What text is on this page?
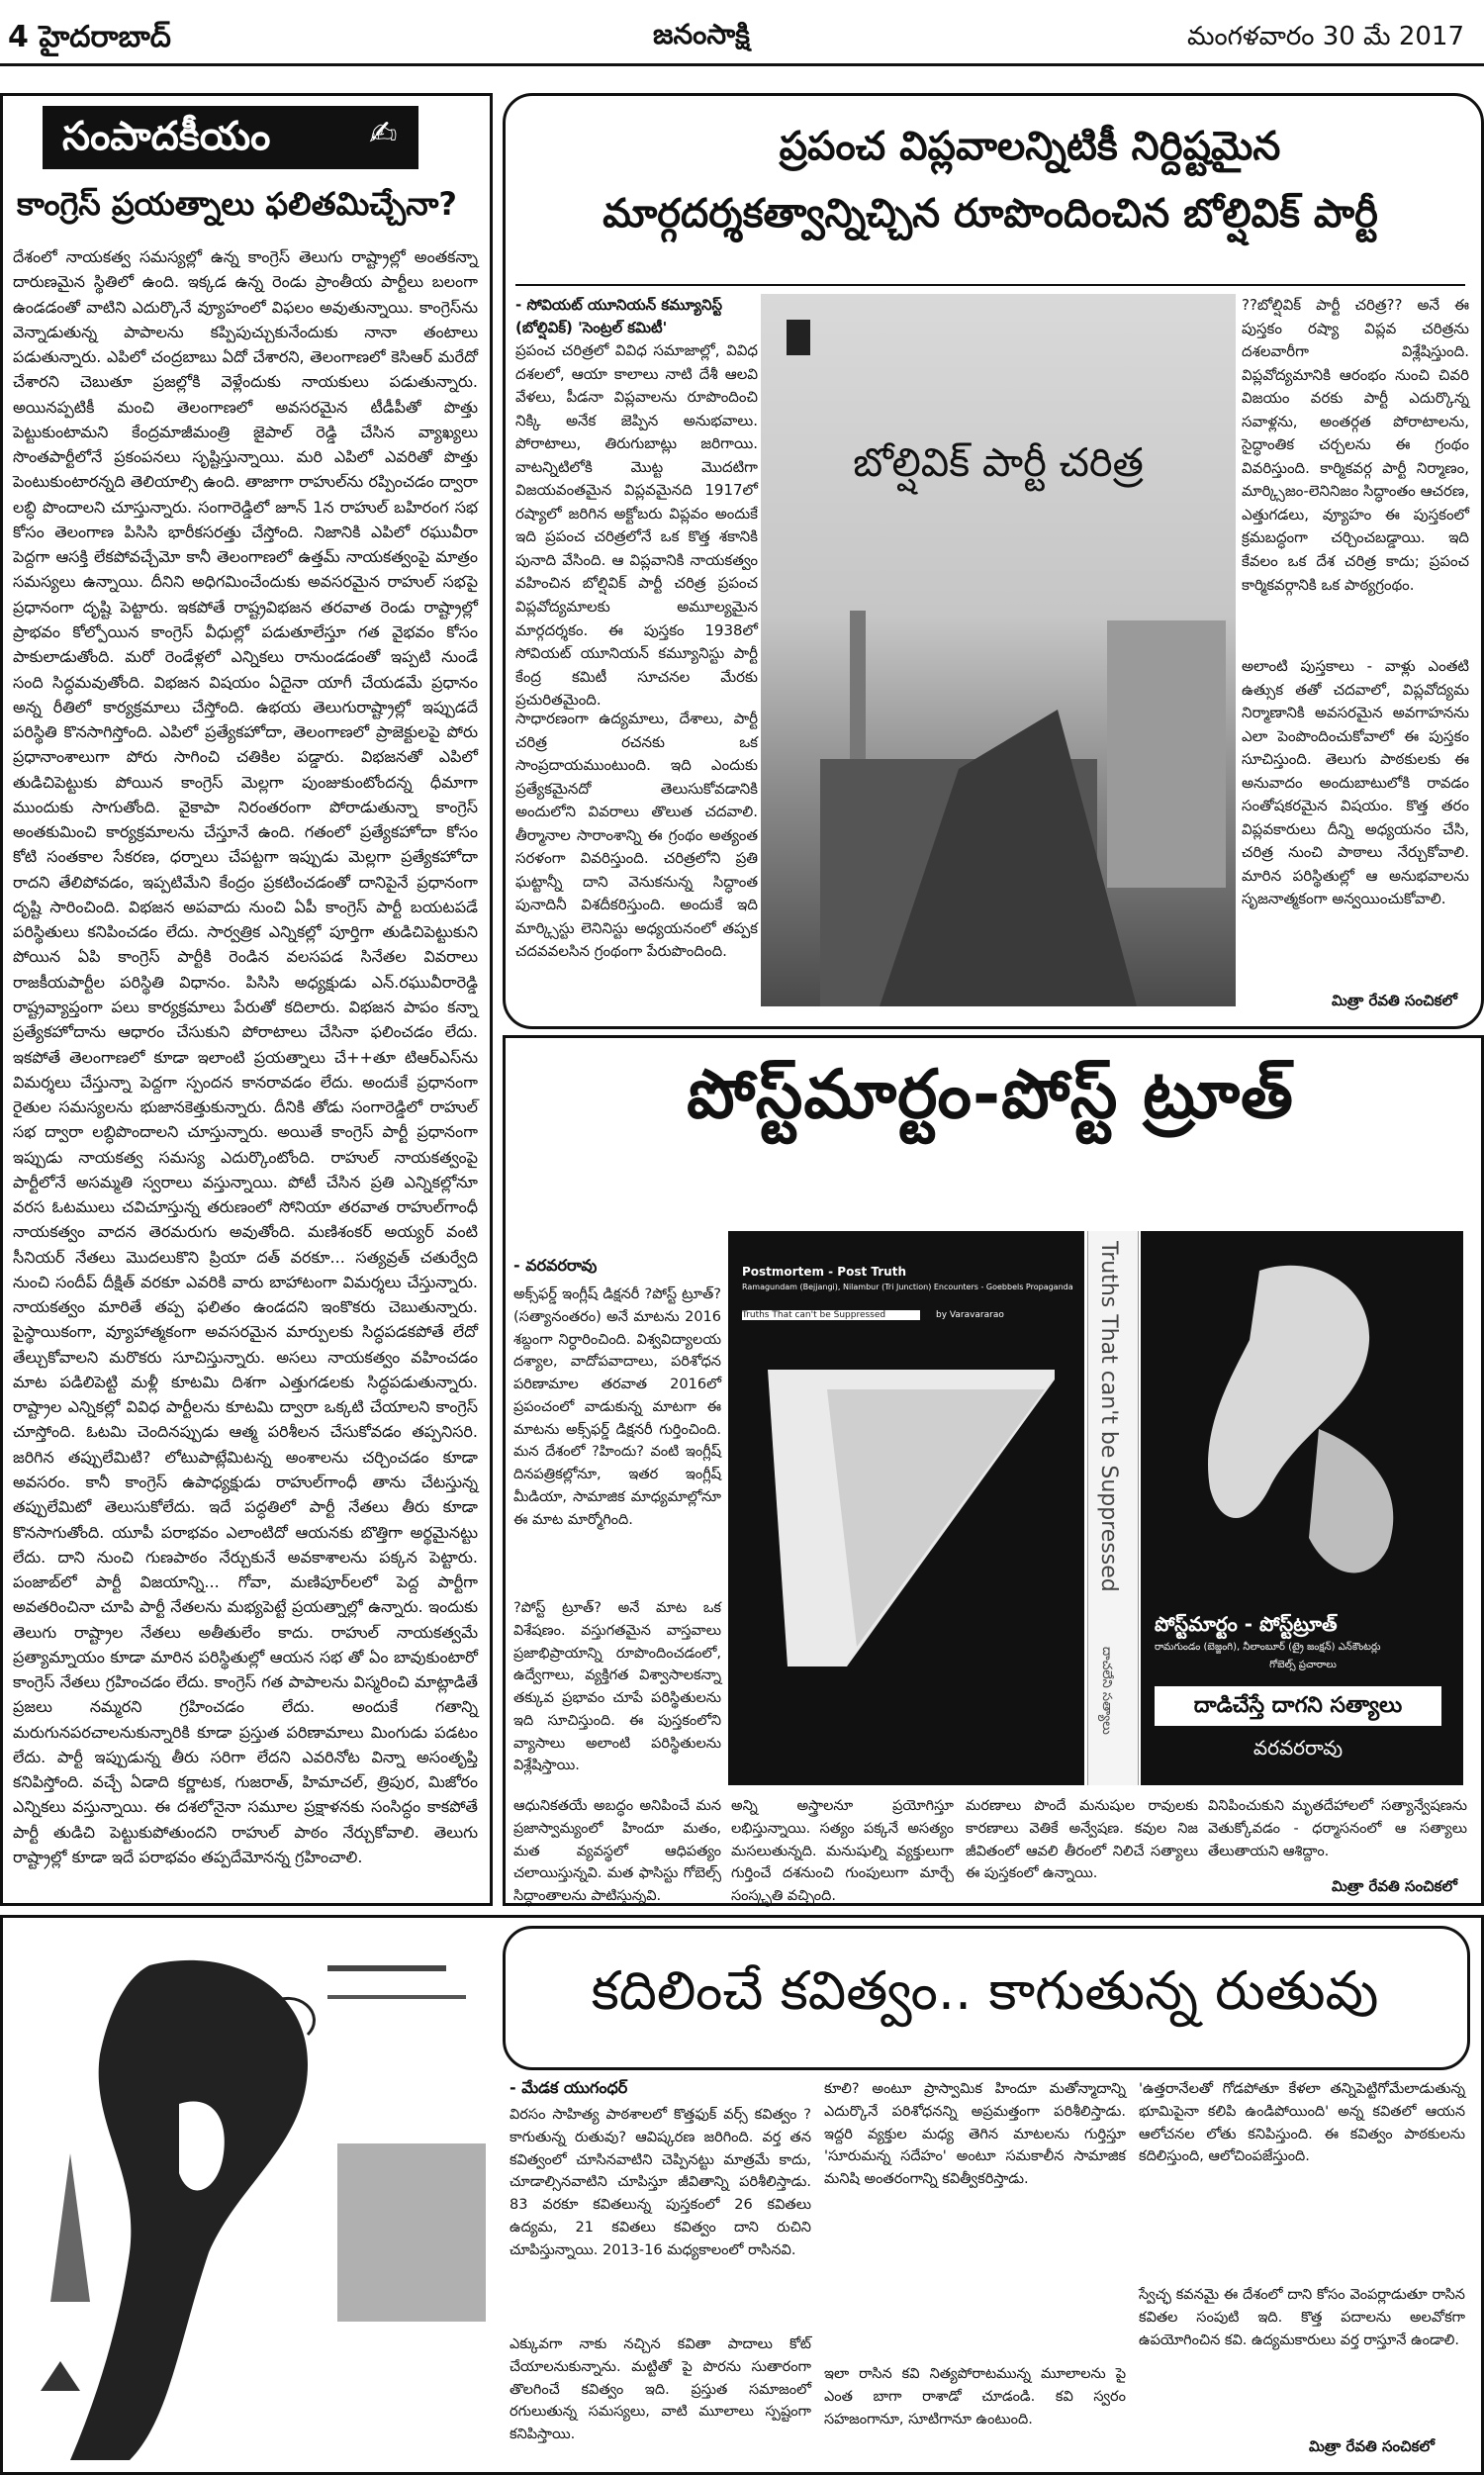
4 హైదరాబాద్	జనంసాక్షి	మంగళవారం 30 మే 2017
సంపాదకీయం	✍
కాంగ్రెస్ ప్రయత్నాలు ఫలితమిచ్చేనా?
దేశంలో నాయకత్వ సమస్యల్లో ఉన్న కాంగ్రెస్ తెలుగు రాష్ట్రాల్లో అంతకన్నా దారుణమైన స్థితిలో ఉంది. ఇక్కడ ఉన్న రెండు ప్రాంతీయ పార్టీలు బలంగా ఉండడంతో వాటిని ఎదుర్కొనే వ్యూహంలో విఫలం అవుతున్నాయి. కాంగ్రెస్‌ను వెన్నాడుతున్న పాపాలను కప్పిపుచ్చుకునేందుకు నానా తంటాలు పడుతున్నారు. ఎపిలో చంద్రబాబు ఏదో చేశారని, తెలంగాణలో కెసిఆర్ మరేదో చేశారని చెబుతూ ప్రజల్లోకి వెళ్లేందుకు నాయకులు పడుతున్నారు. అయినప్పటికీ మంచి తెలంగాణలో అవసరమైన టీడీపీతో పొత్తు పెట్టుకుంటామని కేంద్రమాజీమంత్రి జైపాల్ రెడ్డి చేసిన వ్యాఖ్యలు సొంతపార్టీలోనే ప్రకంపనలు సృష్టిస్తున్నాయి. మరి ఎపిలో ఎవరితో పొత్తు పెంటుకుంటారన్నది తెలియాల్సి ఉంది. తాజాగా రాహుల్‌ను రప్పించడం ద్వారా లబ్ధి పొందాలని చూస్తున్నారు. సంగారెడ్డిలో జూన్ 1న రాహుల్ బహిరంగ సభ కోసం తెలంగాణ పిసిసి భారీకసరత్తు చేస్తోంది. నిజానికి ఎపిలో రఘువీరా పెద్దగా ఆసక్తి లేకపోవచ్చేమో కానీ తెలంగాణలో ఉత్తమ్ నాయకత్వంపై మాత్రం సమస్యలు ఉన్నాయి. దీనిని అధిగమించేందుకు అవసరమైన రాహుల్ సభపై ప్రధానంగా దృష్టి పెట్టారు. ఇకపోతే రాష్ట్రవిభజన తరవాత రెండు రాష్ట్రాల్లో ప్రాభవం కోల్పోయిన కాంగ్రెస్ వీధుల్లో పడుతూలేస్తూ గత వైభవం కోసం పాకులాడుతోంది. మరో రెండేళ్లలో ఎన్నికలు రానుండడంతో ఇప్పటి నుండే సంది సిద్ధమవుతోంది. విభజన విషయం ఏదైనా యాగీ చేయడమే ప్రధానం అన్న రీతిలో కార్యక్రమాలు చేస్తోంది. ఉభయ తెలుగురాష్ట్రాల్లో ఇప్పుడదే పరిస్థితి కొనసాగిస్తోంది. ఎపిలో ప్రత్యేకహోదా, తెలంగాణలో ప్రాజెక్టులపై పోరు ప్రధానాంశాలుగా పోరు సాగించి చతికిల పడ్డారు. విభజనతో ఎపిలో తుడిచిపెట్టుకు పోయిన కాంగ్రెస్ మెల్లగా పుంజుకుంటోందన్న ధీమాగా ముందుకు సాగుతోంది. వైకాపా నిరంతరంగా పోరాడుతున్నా కాంగ్రెస్ అంతకుమించి కార్యక్రమాలను చేస్తూనే ఉంది. గతంలో ప్రత్యేకహోదా కోసం కోటి సంతకాల సేకరణ, ధర్నాలు చేపట్టగా ఇప్పుడు మెల్లగా ప్రత్యేకహోదా రాదని తేలిపోవడం, ఇప్పటిమేని కేంద్రం ప్రకటించడంతో దానిపైనే ప్రధానంగా దృష్టి సారించింది. విభజన అపవాదు నుంచి ఏపీ కాంగ్రెస్ పార్టీ బయటపడే పరిస్థితులు కనిపించడం లేదు. సార్వత్రిక ఎన్నికల్లో పూర్తిగా తుడిచిపెట్టుకుని పోయిన ఏపి కాంగ్రెస్ పార్టీకి రెండిన వలసపడ సినేతల వివరాలు రాజకీయపార్టీల పరిస్థితి విధానం. పిసిసి అధ్యక్షుడు ఎన్.రఘువీరారెడ్డి రాష్ట్రవ్యాప్తంగా పలు కార్యక్రమాలు పేరుతో కదిలారు. విభజన పాపం కన్నా ప్రత్యేకహోదాను ఆధారం చేసుకుని పోరాటాలు చేసినా ఫలించడం లేదు. ఇకపోతే తెలంగాణలో కూడా ఇలాంటి ప్రయత్నాలు చే++తూ టిఆర్‌ఎస్‌ను విమర్శలు చేస్తున్నా పెద్దగా స్పందన కానరావడం లేదు. అందుకే ప్రధానంగా రైతుల సమస్యలను భుజానకెత్తుకున్నారు. దీనికి తోడు సంగారెడ్డిలో రాహుల్ సభ ద్వారా లబ్ధిపొందాలని చూస్తున్నారు. అయితే కాంగ్రెస్ పార్టీ ప్రధానంగా ఇప్పుడు నాయకత్వ సమస్య ఎదుర్కొంటోంది. రాహుల్ నాయకత్వంపై పార్టీలోనే అసమ్మతి స్వరాలు వస్తున్నాయి. పోటీ చేసిన ప్రతి ఎన్నికల్లోనూ వరస ఓటములు చవిచూస్తున్న తరుణంలో సోనియా తరవాత రాహుల్‌గాంధీ నాయకత్వం వాదన తెరమరుగు అవుతోంది. మణిశంకర్ అయ్యర్ వంటి సీనియర్ నేతలు మొదలుకొని ప్రియా దత్ వరకూ... సత్యవ్రత్ చతుర్వేది నుంచి సందీప్ దీక్షిత్ వరకూ ఎవరికి వారు బాహాటంగా విమర్శలు చేస్తున్నారు. నాయకత్వం మారితే తప్ప ఫలితం ఉండదని ఇంకొకరు చెబుతున్నారు. పైస్థాయికంగా, వ్యూహాత్మకంగా అవసరమైన మార్పులకు సిద్ధపడకపోతే లేదో తేల్చుకోవాలని మరొకరు సూచిస్తున్నారు. అసలు నాయకత్వం వహించడం మాట పడిలిపెట్టి మళ్లీ కూటమి దిశగా ఎత్తుగడలకు సిద్ధపడుతున్నారు. రాష్ట్రాల ఎన్నికల్లో వివిధ పార్టీలను కూటమి ద్వారా ఒక్కటి చేయాలని కాంగ్రెస్ చూస్తోంది. ఓటమి చెందినప్పుడు ఆత్మ పరిశీలన చేసుకోవడం తప్పనిసరి. జరిగిన తప్పులేమిటి? లోటుపాట్లేమిటన్న అంశాలను చర్చించడం కూడా అవసరం. కానీ కాంగ్రెస్ ఉపాధ్యక్షుడు రాహుల్‌గాంధీ తాను చేటస్తున్న తప్పులేమిటో తెలుసుకోలేదు. ఇదే పద్ధతిలో పార్టీ నేతలు తీరు కూడా కొనసాగుతోంది. యూపీ పరాభవం ఎలాంటిదో ఆయనకు బొత్తిగా అర్థమైనట్టు లేదు. దాని నుంచి గుణపాఠం నేర్చుకునే అవకాశాలను పక్కన పెట్టారు. పంజాబ్‌లో పార్టీ విజయాన్ని... గోవా, మణిపూర్‌లలో పెద్ద పార్టీగా అవతరించినా చూపి పార్టీ నేతలను మభ్యపెట్టే ప్రయత్నాల్లో ఉన్నారు. ఇందుకు తెలుగు రాష్ట్రాల నేతలు అతీతులేం కాదు. రాహుల్ నాయకత్వమే ప్రత్యామ్నాయం కూడా మారిన పరిస్థితుల్లో ఆయన సభ తో ఏం బావుకుంటారో కాంగ్రెస్ నేతలు గ్రహించడం లేదు. కాంగ్రెస్ గత పాపాలను విస్మరించి మాట్లాడితే ప్రజలు నమ్మరని గ్రహించడం లేదు. అందుకే గతాన్ని మరుగునపరచాలనుకున్నారికి కూడా ప్రస్తుత పరిణామాలు మింగుడు పడటం లేదు. పార్టీ ఇప్పుడున్న తీరు సరిగా లేదని ఎవరినోట విన్నా అసంతృప్తి కనిపిస్తోంది. వచ్చే ఏడాది కర్ణాటక, గుజరాత్, హిమాచల్, త్రిపుర, మిజోరం ఎన్నికలు వస్తున్నాయి. ఈ దశలోనైనా సమూల ప్రక్షాళనకు సంసిద్ధం కాకపోతే పార్టీ తుడిచి పెట్టుకుపోతుందని రాహుల్ పాఠం నేర్చుకోవాలి. తెలుగు రాష్ట్రాల్లో కూడా ఇదే పరాభవం తప్పదేమోనన్న గ్రహించాలి.
ప్రపంచ విప్లవాలన్నిటికీ నిర్దిష్టమైన
మార్గదర్శకత్వాన్నిచ్చిన రూపొందించిన బోల్షివిక్ పార్టీ
- సోవియట్ యూనియన్ కమ్యూనిస్ట్ (బోల్షివిక్) 'సెంట్రల్ కమిటీ'
ప్రపంచ చరిత్రలో వివిధ సమాజాల్లో, వివిధ దశలలో, ఆయా కాలాలు నాటి దేశీ ఆలవి వేళలు, పీడనా విప్లవాలను రూపొందించి నిక్కి అనేక జెప్పిన అనుభవాలు. పోరాటాలు, తిరుగుబాట్లు జరిగాయి. వాటన్నిటిలోకి మొట్ట మొదటిగా విజయవంతమైన విప్లవమైనది 1917లో రష్యాలో జరిగిన అక్టోబరు విప్లవం అందుకే ఇది ప్రపంచ చరిత్రలోనే ఒక కొత్త శకానికి పునాది వేసింది. ఆ విప్లవానికి నాయకత్వం వహించిన బోల్షివిక్ పార్టీ చరిత్ర ప్రపంచ విప్లవోద్యమాలకు అమూల్యమైన మార్గదర్శకం. ఈ పుస్తకం 1938లో సోవియట్ యూనియన్ కమ్యూనిస్టు పార్టీ కేంద్ర కమిటీ సూచనల మేరకు ప్రచురితమైంది.
సాధారణంగా ఉద్యమాలు, దేశాలు, పార్టీ చరిత్ర రచనకు ఒక సాంప్రదాయముంటుంది. ఇది ఎందుకు ప్రత్యేకమైనదో తెలుసుకోవడానికి అందులోని వివరాలు తొలుత చదవాలి. తీర్మానాల సారాంశాన్ని ఈ గ్రంథం అత్యంత సరళంగా వివరిస్తుంది. చరిత్రలోని ప్రతి ఘట్టాన్నీ దాని వెనుకనున్న సిద్ధాంత పునాదినీ విశదీకరిస్తుంది. అందుకే ఇది మార్క్సిస్టు లెనినిస్టు అధ్యయనంలో తప్పక చదవవలసిన గ్రంథంగా పేరుపొందింది.
బోల్షివిక్ పార్టీ చరిత్ర
??బోల్షివిక్ పార్టీ చరిత్ర?? అనే ఈ పుస్తకం రష్యా విప్లవ చరిత్రను దశలవారీగా విశ్లేషిస్తుంది. విప్లవోద్యమానికి ఆరంభం నుంచి చివరి విజయం వరకు పార్టీ ఎదుర్కొన్న సవాళ్లను, అంతర్గత పోరాటాలను, సైద్ధాంతిక చర్చలను ఈ గ్రంథం వివరిస్తుంది. కార్మికవర్గ పార్టీ నిర్మాణం, మార్క్సిజం-లెనినిజం సిద్ధాంతం ఆచరణ, ఎత్తుగడలు, వ్యూహం ఈ పుస్తకంలో క్రమబద్ధంగా చర్చించబడ్డాయి. ఇది కేవలం ఒక దేశ చరిత్ర కాదు; ప్రపంచ కార్మికవర్గానికి ఒక పాఠ్యగ్రంథం.
అలాంటి పుస్తకాలు - వాళ్లు ఎంతటి ఉత్సుక తతో చదవాలో, విప్లవోద్యమ నిర్మాణానికి అవసరమైన అవగాహనను ఎలా పెంపొందించుకోవాలో ఈ పుస్తకం సూచిస్తుంది. తెలుగు పాఠకులకు ఈ అనువాదం అందుబాటులోకి రావడం సంతోషకరమైన విషయం. కొత్త తరం విప్లవకారులు దీన్ని అధ్యయనం చేసి, చరిత్ర నుంచి పాఠాలు నేర్చుకోవాలి. మారిన పరిస్థితుల్లో ఆ అనుభవాలను సృజనాత్మకంగా అన్వయించుకోవాలి.
మిత్రా రేవతి సంచికలో
పోస్ట్‌మార్టం-పోస్ట్ ట్రూత్
- వరవరరావు
అక్స్‌ఫర్డ్ ఇంగ్లీష్ డిక్షనరీ ?పోస్ట్ ట్రూత్? (సత్యానంతరం) అనే మాటను 2016 శబ్దంగా నిర్ధారించింది. విశ్వవిద్యాలయ దశ్యాల, వాదోపవాదాలు, పరిశోధన పరిణామాల తరవాత 2016లో ప్రపంచంలో వాడుకున్న మాటగా ఈ మాటను అక్స్‌ఫర్డ్ డిక్షనరీ గుర్తించింది. మన దేశంలో ?హిందు? వంటి ఇంగ్లీష్ దినపత్రికల్లోనూ, ఇతర ఇంగ్లీష్ మీడియా, సామాజిక మాధ్యమాల్లోనూ ఈ మాట మార్మోగింది.
?పోస్ట్ ట్రూత్? అనే మాట ఒక విశేషణం. వస్తుగతమైన వాస్తవాలు ప్రజాభిప్రాయాన్ని రూపొందించడంలో, ఉద్వేగాలు, వ్యక్తిగత విశ్వాసాలకన్నా తక్కువ ప్రభావం చూపే పరిస్థితులను ఇది సూచిస్తుంది. ఈ పుస్తకంలోని వ్యాసాలు అలాంటి పరిస్థితులను విశ్లేషిస్తాయి.
Postmortem - Post Truth
Ramagundam (Bejjangi), Nilambur (Tri Junction) Encounters - Goebbels Propaganda
Truths That can't be Suppressed	by Varavararao	Truths That can't be Suppressed
దాచలేని సత్యాలు
పోస్ట్‌మార్టం - పోస్ట్‌ట్రూత్
రామగుండం (బెజ్జంగి), నీలాంబూర్ (ట్రై జంక్షన్) ఎన్‌కౌంటర్లు
గోబెల్స్ ప్రచారాలు
దాడిచేస్తే దాగని సత్యాలు
వరవరరావు
ఆధునికతయే అబద్ధం అనిపించే మన ప్రజాస్వామ్యంలో హిందూ మతం, మత వ్యవస్థలో ఆధిపత్యం చలాయిస్తున్నవి. మత ఫాసిస్టు గోబెల్స్ సిద్ధాంతాలను పాటిస్తున్నవి.
అన్ని అస్త్రాలనూ ప్రయోగిస్తూ లభిస్తున్నాయి. సత్యం పక్కనే అసత్యం మసలుతున్నది. మనుషుల్ని వ్యక్తులుగా గుర్తించే దశనుంచి గుంపులుగా మార్చే సంస్కృతి వచ్చింది.
మరణాలు పొందే మనుషుల రావులకు కారణాలు వెతికే అన్వేషణ. కవుల నిజ జీవితంలో ఆవలి తీరంలో నిలిచే సత్యాలు ఈ పుస్తకంలో ఉన్నాయి.
వినిపించుకుని మృతదేహాలలో సత్యాన్వేషణను వెతుక్కోవడం - ధర్మాసనంలో ఆ సత్యాలు తేలుతాయని ఆశిద్దాం.
మిత్రా రేవతి సంచికలో
కదిలించే కవిత్వం.. కాగుతున్న రుతువు
- మేడక యుగంధర్
విరసం సాహిత్య పాఠశాలలో కొత్తఫుక్ వర్స్ కవిత్వం ?కాగుతున్న రుతువు? ఆవిష్కరణ జరిగింది. వర్త తన కవిత్వంలో చూసినవాటిని చెప్పినట్టు మాత్రమే కాదు, చూడాల్సినవాటిని చూపిస్తూ జీవితాన్ని పరిశీలిస్తాడు. 83 వరకూ కవితలున్న పుస్తకంలో 26 కవితలు ఉద్యమ, 21 కవితలు కవిత్వం దాని రుచిని చూపిస్తున్నాయి. 2013-16 మధ్యకాలంలో రాసినవి.
ఎక్కువగా నాకు నచ్చిన కవితా పాదాలు కోట్ చేయాలనుకున్నాను. మట్టితో పై పొరను సుతారంగా తొలగించే కవిత్వం ఇది. ప్రస్తుత సమాజంలో రగులుతున్న సమస్యలు, వాటి మూలాలు స్పష్టంగా కనిపిస్తాయి.
కూలి? అంటూ ప్రాస్వామిక హిందూ మతోన్మాదాన్ని ఎదుర్కొనే పరిశోధనన్ని అప్రమత్తంగా పరిశీలిస్తాడు. ఇద్దరి వ్యక్తుల మధ్య తెగిన మాటలను గుర్తిస్తూ 'సూరుమన్న సదేహం' అంటూ సమకాలీన సామాజిక మనిషి అంతరంగాన్ని కవిత్వీకరిస్తాడు.
ఇలా రాసిన కవి నిత్యపోరాటమున్న మూలాలను పై ఎంత బాగా రాశాడో చూడండి. కవి స్వరం సహజంగానూ, సూటిగానూ ఉంటుంది.
'ఉత్తరానేలతో గోడపోతూ కేళలా తన్నిపెట్టిగోమేలాడుతున్న భూమిపైనా కలిపి ఉండిపోయింది' అన్న కవితలో ఆయన ఆలోచనల లోతు కనిపిస్తుంది. ఈ కవిత్వం పాఠకులను కదిలిస్తుంది, ఆలోచింపజేస్తుంది.
స్వేచ్ఛ కవనమై ఈ దేశంలో దాని కోసం వెంపర్లాడుతూ రాసిన కవితల సంపుటి ఇది. కొత్త పదాలను అలవోకగా ఉపయోగించిన కవి. ఉద్యమకారులు వర్త రాస్తూనే ఉండాలి.
మిత్రా రేవతి సంచికలో
